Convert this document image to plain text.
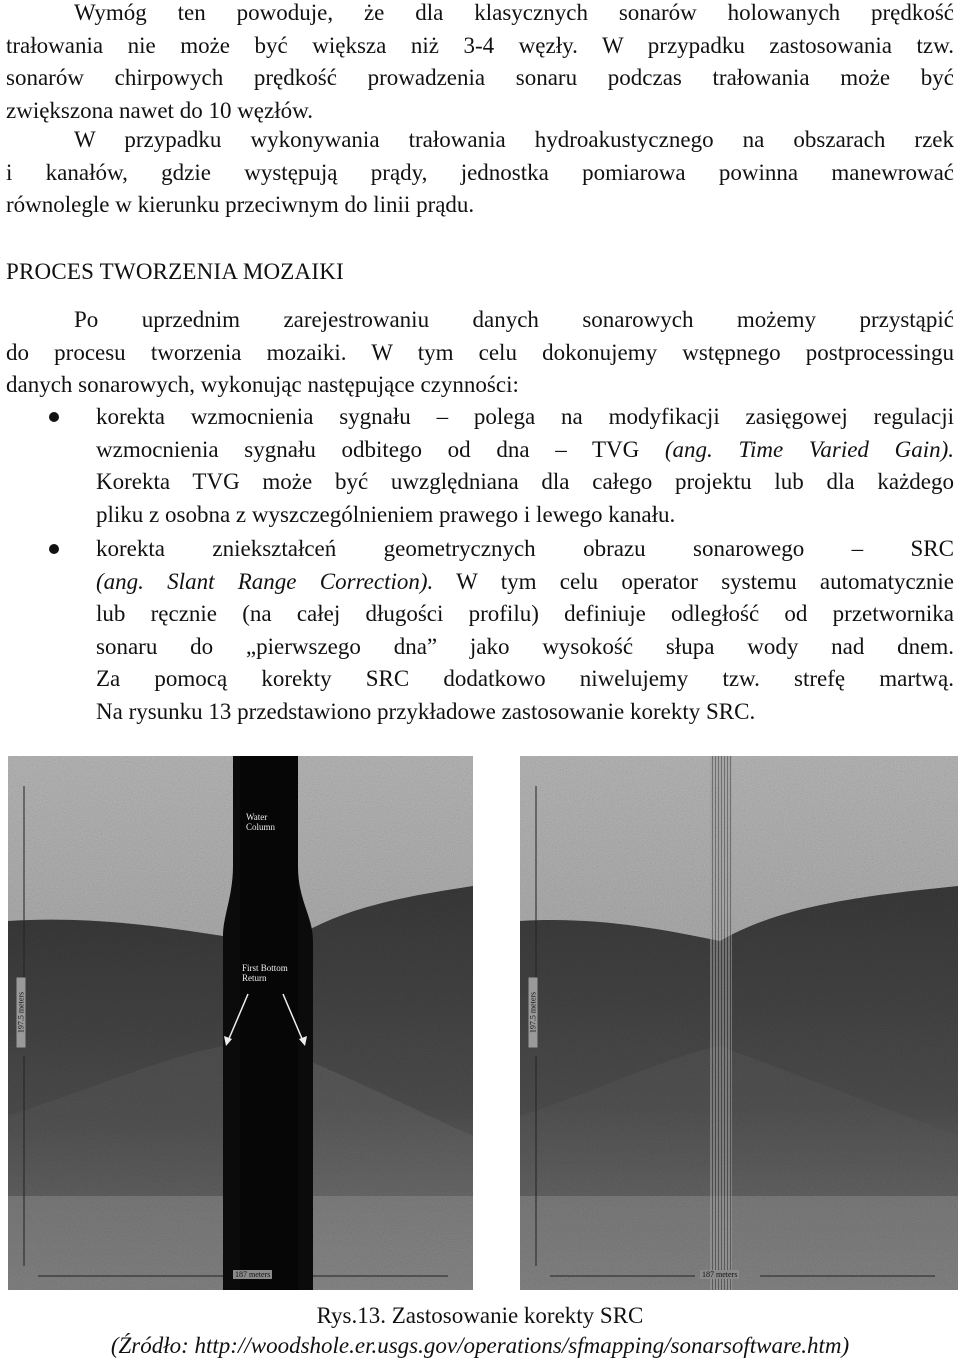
Wymóg ten powoduje, że dla klasycznych sonarów holowanych prędkość
trałowania nie może być większa niż 3-4 węzły. W przypadku zastosowania tzw.
sonarów chirpowych prędkość prowadzenia sonaru podczas trałowania może być
zwiększona nawet do 10 węzłów.
W przypadku wykonywania trałowania hydroakustycznego na obszarach rzek
i kanałów, gdzie występują prądy, jednostka pomiarowa powinna manewrować
równolegle w kierunku przeciwnym do linii prądu.
PROCES TWORZENIA MOZAIKI
Po uprzednim zarejestrowaniu danych sonarowych możemy przystąpić
do procesu tworzenia mozaiki. W tym celu dokonujemy wstępnego postprocessingu
danych sonarowych, wykonując następujące czynności:
korekta wzmocnienia sygnału – polega na modyfikacji zasięgowej regulacji
wzmocnienia sygnału odbitego od dna – TVG (ang. Time Varied Gain).
Korekta TVG może być uwzględniana dla całego projektu lub dla każdego
pliku z osobna z wyszczególnieniem prawego i lewego kanału.
korekta zniekształceń geometrycznych obrazu sonarowego – SRC
(ang. Slant Range Correction). W tym celu operator systemu automatycznie
lub ręcznie (na całej długości profilu) definiuje odległość od przetwornika
sonaru do „pierwszego dna” jako wysokość słupa wody nad dnem.
Za pomocą korekty SRC dodatkowo niwelujemy tzw. strefę martwą.
Na rysunku 13 przedstawiono przykładowe zastosowanie korekty SRC.
Water
Column
First Bottom
Return
197.5 meters
187 meters
197.5 meters
187 meters
Rys.13. Zastosowanie korekty SRC
(Źródło: http://woodshole.er.usgs.gov/operations/sfmapping/sonarsoftware.htm)
